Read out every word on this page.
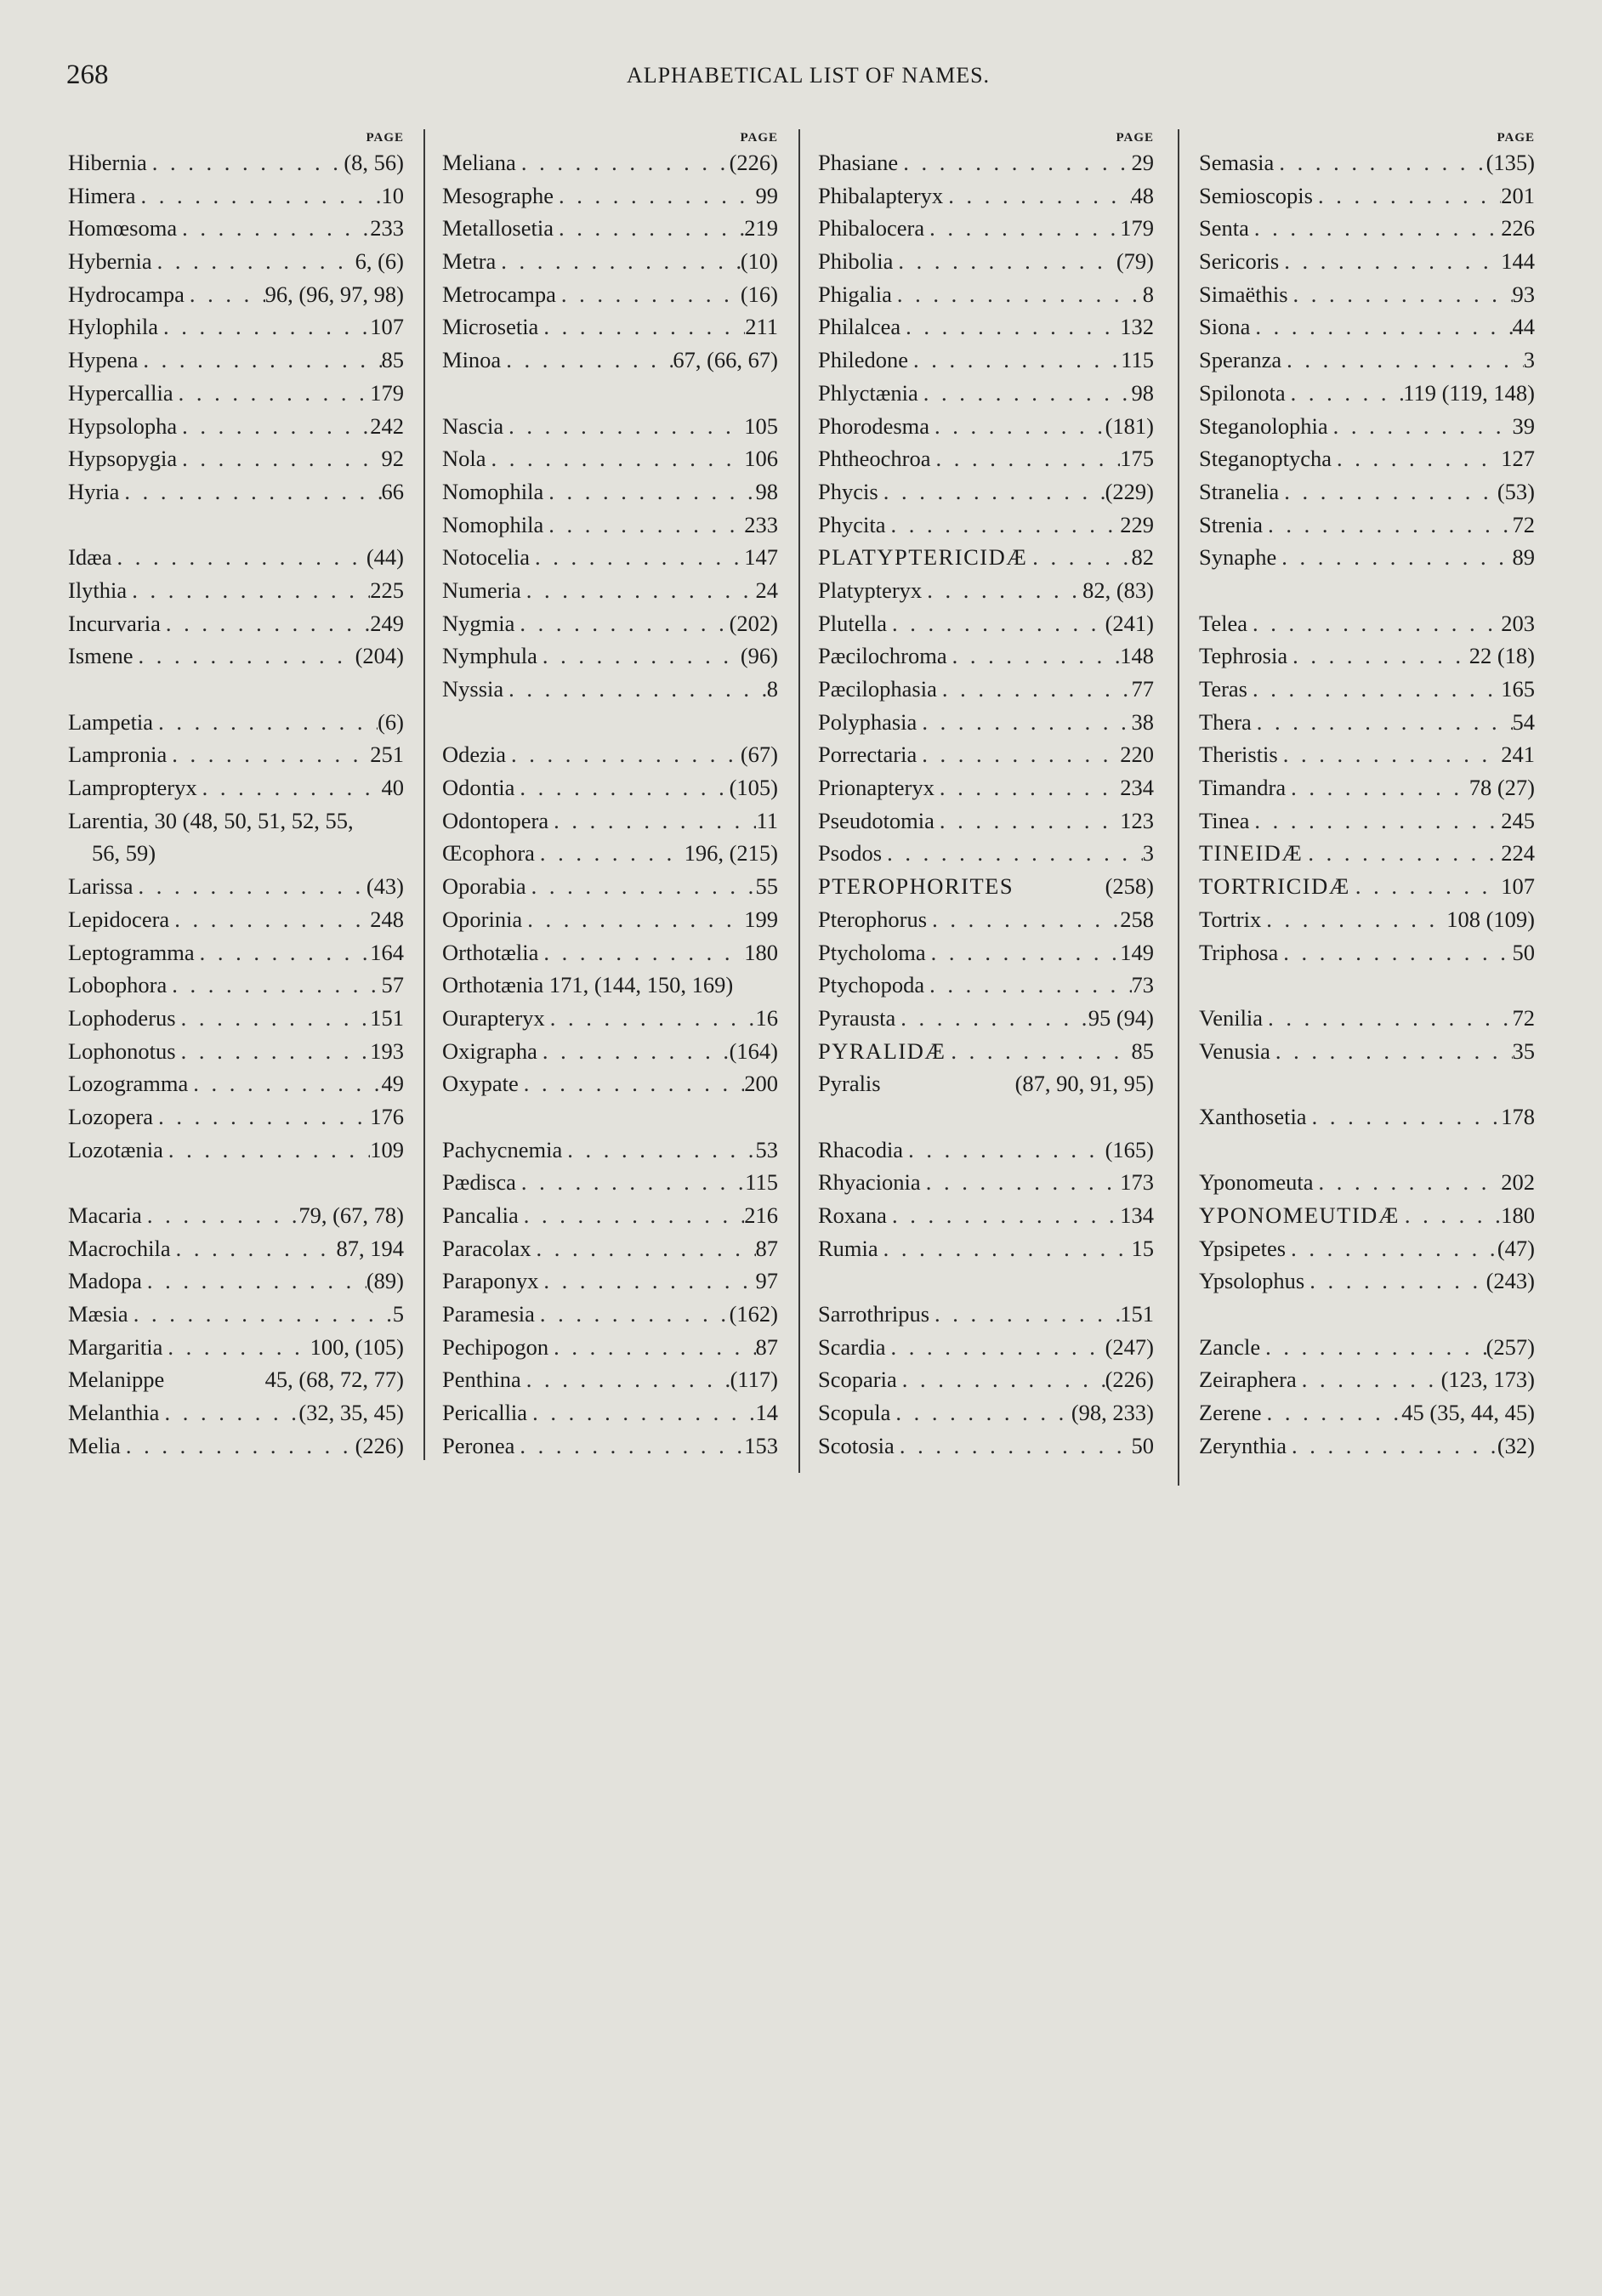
268	ALPHABETICAL LIST OF NAMES.
PAGE
Hibernia . . .	(8, 56)
Himera . . .	10
Homœsoma . . .	233
Hybernia . . .	6, (6)
Hydrocampa . . .	96, (96, 97, 98)
Hylophila . . .	107
Hypena . . .	85
Hypercallia . . .	179
Hypsolopha . . .	242
Hypsopygia . . .	92
Hyria . . .	66
Idæa . . .	(44)
Ilythia . . .	225
Incurvaria . . .	249
Ismene . . .	(204)
Lampetia . . .	(6)
Lampronia . . .	251
Lampropteryx . . .	40
Larentia, 30 (48, 50, 51, 52, 55,
56, 59)
Larissa . . .	(43)
Lepidocera . . .	248
Leptogramma . . .	164
Lobophora . . .	57
Lophoderus . . .	151
Lophonotus . . .	193
Lozogramma . . .	49
Lozopera . . .	176
Lozotænia . . .	109
Macaria . . .	79, (67, 78)
Macrochila . . .	87, 194
Madopa . . .	(89)
Mæsia . . .	5
Margaritia . . .	100, (105)
Melanippe	45, (68, 72, 77)
Melanthia . . .	(32, 35, 45)
Melia . . .	(226)
PAGE
Meliana . . .	(226)
Mesographe . . .	99
Metallosetia . . .	219
Metra . . .	(10)
Metrocampa . . .	(16)
Microsetia . . .	211
Minoa . . .	67, (66, 67)
Nascia . . .	105
Nola . . .	106
Nomophila . . .	98
Nomophila . . .	233
Notocelia . . .	147
Numeria . . .	24
Nygmia . . .	(202)
Nymphula . . .	(96)
Nyssia . . .	8
Odezia . . .	(67)
Odontia . . .	(105)
Odontopera . . .	11
Œcophora . . .	196, (215)
Oporabia . . .	55
Oporinia . . .	199
Orthotælia . . .	180
Orthotænia 171, (144, 150, 169)
Ourapteryx . . .	16
Oxigrapha . . .	(164)
Oxypate . . .	200
Pachycnemia . . .	53
Pædisca . . .	115
Pancalia . . .	216
Paracolax . . .	87
Paraponyx . . .	97
Paramesia . . .	(162)
Pechipogon . . .	87
Penthina . . .	(117)
Pericallia . . .	14
Peronea . . .	153
PAGE
Phasiane . . .	29
Phibalapteryx . . .	48
Phibalocera . . .	179
Phibolia . . .	(79)
Phigalia . . .	8
Philalcea . . .	132
Philedone . . .	115
Phlyctænia . . .	98
Phorodesma . . .	(181)
Phtheochroa . . .	175
Phycis . . .	(229)
Phycita . . .	229
PLATYPTERICIDÆ . . .	82
Platypteryx . . .	82, (83)
Plutella . . .	(241)
Pæcilochroma . . .	148
Pæcilophasia . . .	77
Polyphasia . . .	38
Porrectaria . . .	220
Prionapteryx . . .	234
Pseudotomia . . .	123
Psodos . . .	3
PTEROPHORITES	(258)
Pterophorus . . .	258
Ptycholoma . . .	149
Ptychopoda . . .	73
Pyrausta . . .	95 (94)
PYRALIDÆ . . .	85
Pyralis	(87, 90, 91, 95)
Rhacodia . . .	(165)
Rhyacionia . . .	173
Roxana . . .	134
Rumia . . .	15
Sarrothripus . . .	151
Scardia . . .	(247)
Scoparia . . .	(226)
Scopula . . .	(98, 233)
Scotosia . . .	50
PAGE
Semasia . . .	(135)
Semioscopis . . .	201
Senta . . .	226
Sericoris . . .	144
Simaëthis . . .	93
Siona . . .	44
Speranza . . .	3
Spilonota . . .	119 (119, 148)
Steganolophia . . .	39
Steganoptycha . . .	127
Stranelia . . .	(53)
Strenia . . .	72
Synaphe . . .	89
Telea . . .	203
Tephrosia . . .	22 (18)
Teras . . .	165
Thera . . .	54
Theristis . . .	241
Timandra . . .	78 (27)
Tinea . . .	245
TINEIDÆ . . .	224
TORTRICIDÆ . . .	107
Tortrix . . .	108 (109)
Triphosa . . .	50
Venilia . . .	72
Venusia . . .	35
Xanthosetia . . .	178
Yponomeuta . . .	202
YPONOMEUTIDÆ . . .	180
Ypsipetes . . .	(47)
Ypsolophus . . .	(243)
Zancle . . .	(257)
Zeiraphera . . .	(123, 173)
Zerene . . .	45 (35, 44, 45)
Zerynthia . . .	(32)
